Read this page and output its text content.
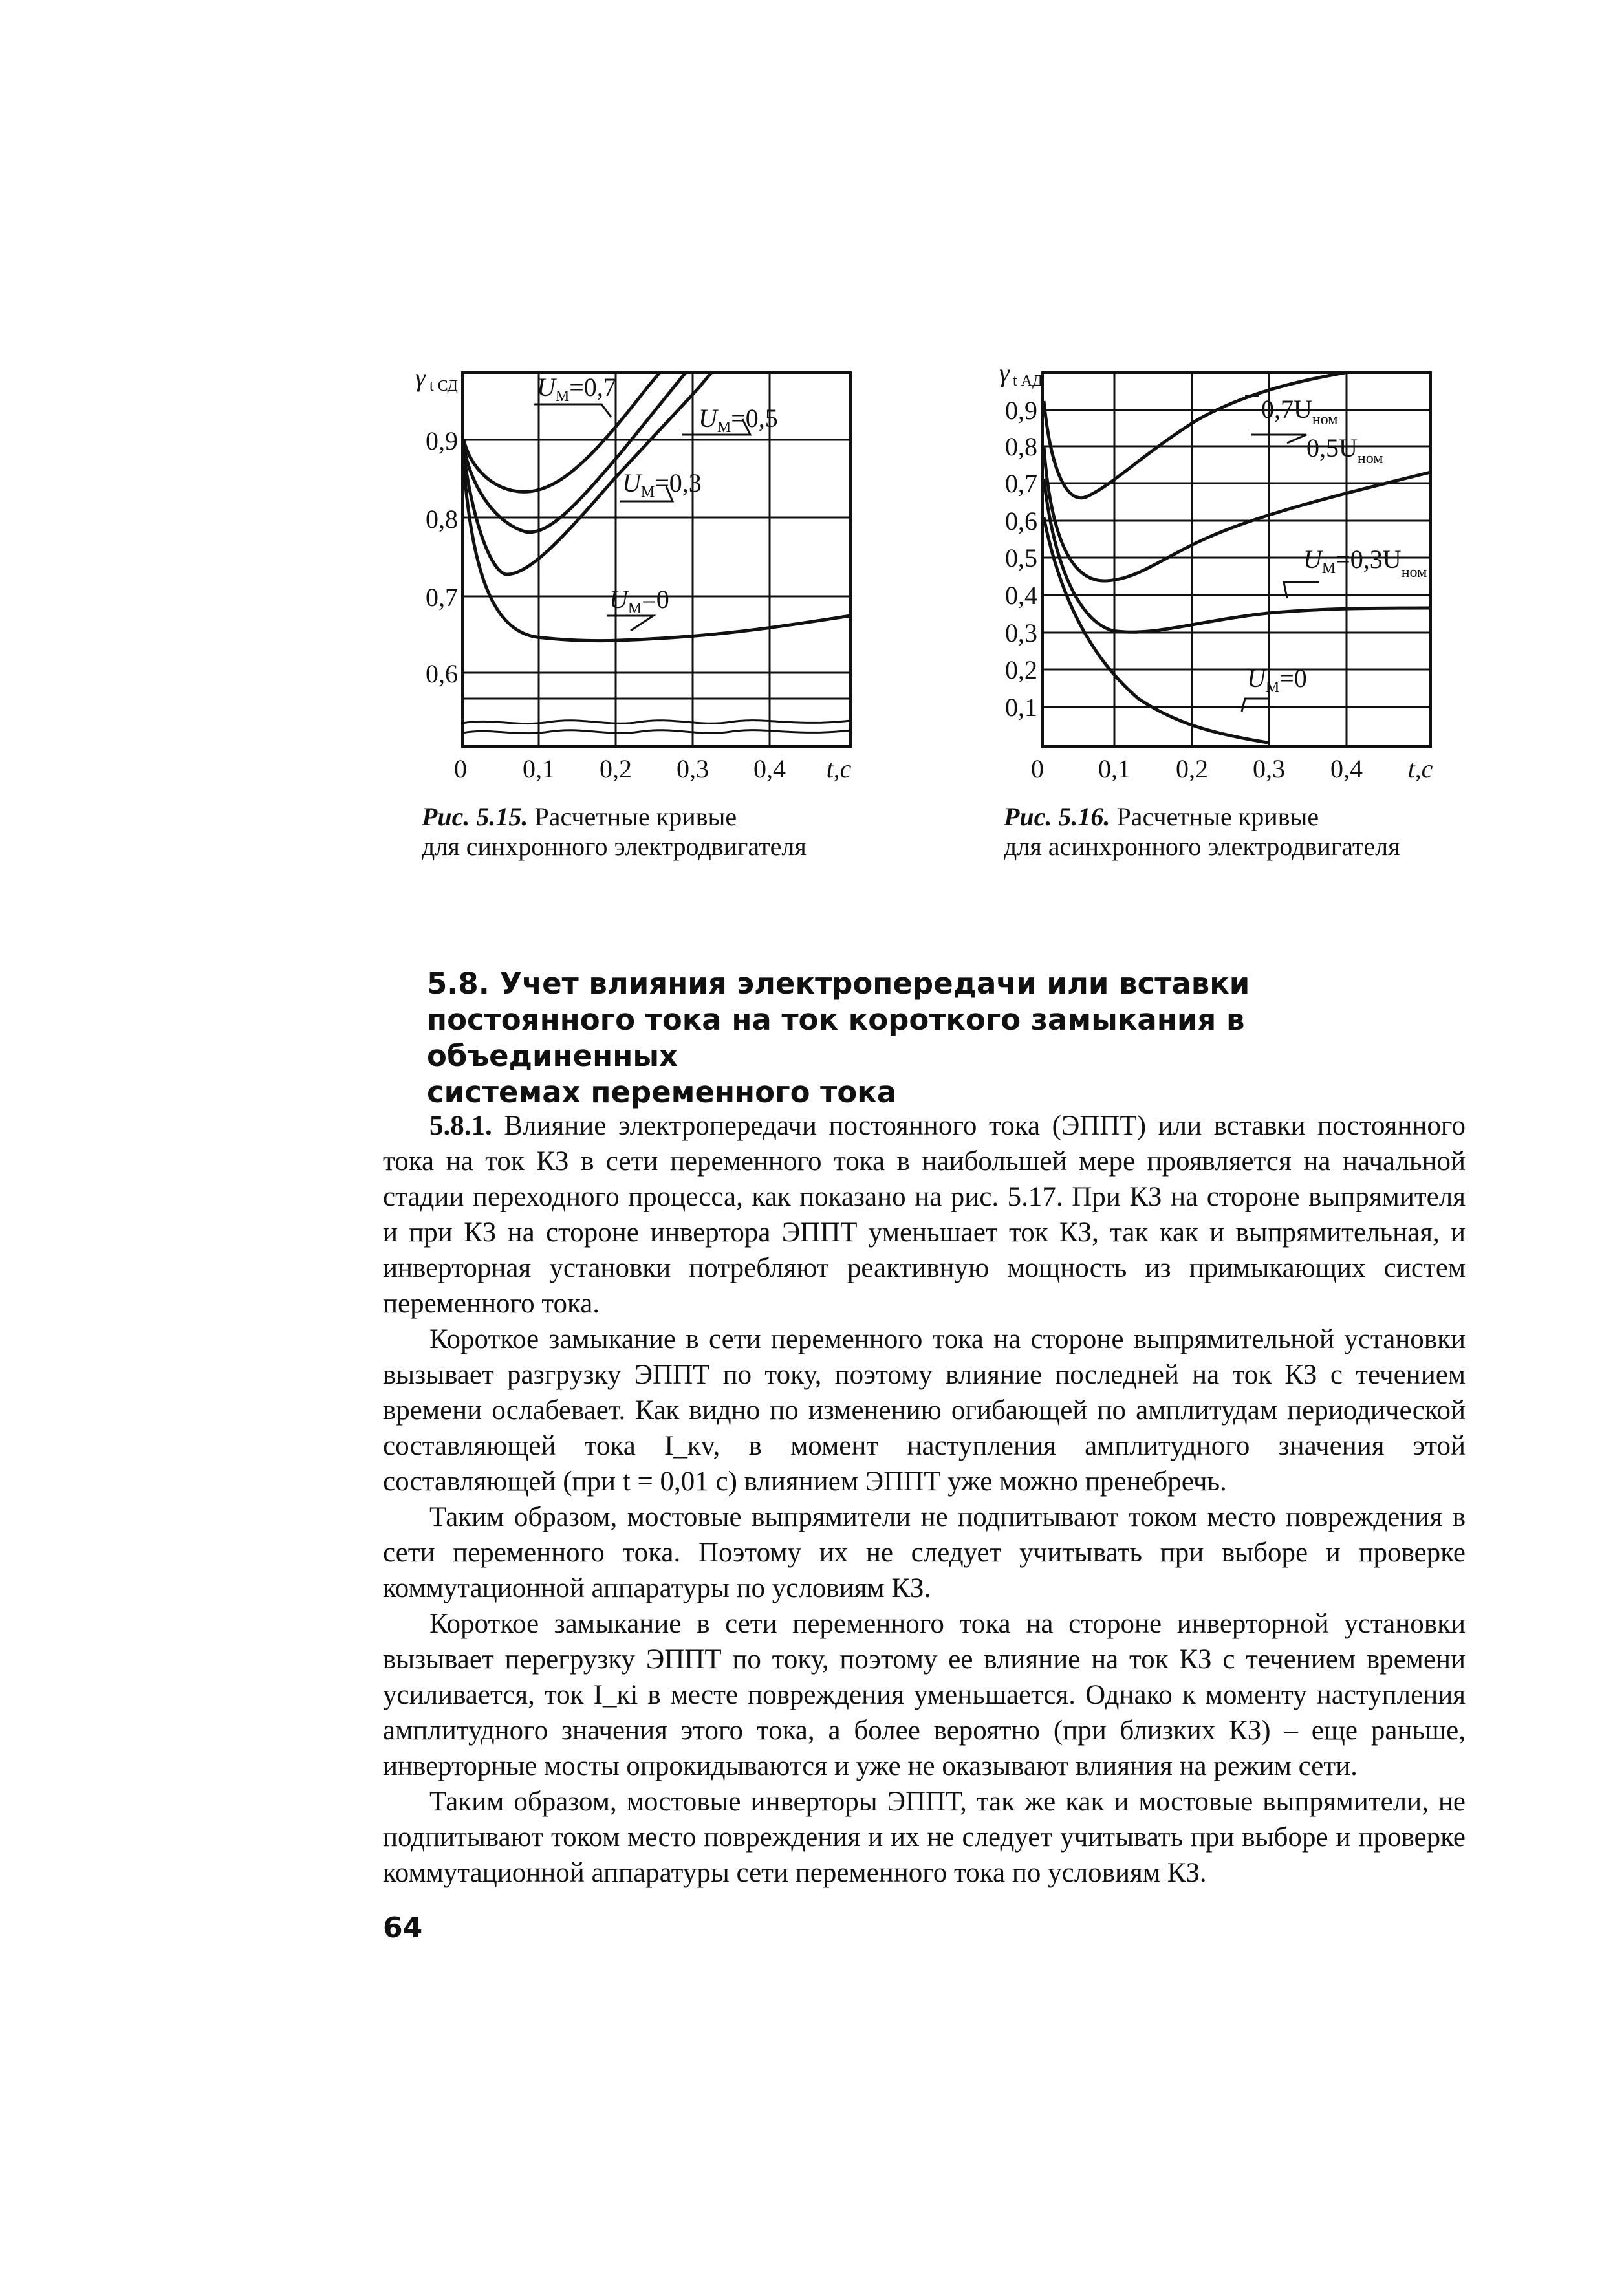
γ t СД
0,9
0,8
0,7
0,6
0 0,1 0,2 0,3 0,4 t,c
$U_М=0,7$
$U_М=0,5$
$U_М=0,3$
$U_М=0$
Рис. 5.15. Расчетные кривые
для синхронного электродвигателя
γ t АД
0,9
0,8
0,7
0,6
0,5
0,4
0,3
0,2
0,1
0 0,1 0,2 0,3 0,4 t,c
$0,7U_{ном}$
$0,5U_{ном}$
$U_М=0,3U_{ном}$
$U_М=0$
Рис. 5.16. Расчетные кривые
для асинхронного электродвигателя
5.8. Учет влияния электропередачи или вставки
постоянного тока на ток короткого замыкания в объединенных
системах переменного тока

5.8.1. Влияние электропередачи постоянного тока (ЭППТ) или вставки постоянного тока на ток КЗ в сети переменного тока в наибольшей мере проявляется на начальной стадии переходного процесса, как показано на рис. 5.17. При КЗ на стороне выпрямителя и при КЗ на стороне инвертора ЭППТ уменьшает ток КЗ, так как и выпрямительная, и инверторная установки потребляют реактивную мощность из примыкающих систем переменного тока.

Короткое замыкание в сети переменного тока на стороне выпрямительной установки вызывает разгрузку ЭППТ по току, поэтому влияние последней на ток КЗ с течением времени ослабевает. Как видно по изменению огибающей по амплитудам периодической составляющей тока I_кv, в момент наступления амплитудного значения этой составляющей (при t = 0,01 с) влиянием ЭППТ уже можно пренебречь.

Таким образом, мостовые выпрямители не подпитывают током место повреждения в сети переменного тока. Поэтому их не следует учитывать при выборе и проверке коммутационной аппаратуры по условиям КЗ.

Короткое замыкание в сети переменного тока на стороне инверторной установки вызывает перегрузку ЭППТ по току, поэтому ее влияние на ток КЗ с течением времени усиливается, ток I_кi в месте повреждения уменьшается. Однако к моменту наступления амплитудного значения этого тока, а более вероятно (при близких КЗ) – еще раньше, инверторные мосты опрокидываются и уже не оказывают влияния на режим сети.

Таким образом, мостовые инверторы ЭППТ, так же как и мостовые выпрямители, не подпитывают током место повреждения и их не следует учитывать при выборе и проверке коммутационной аппаратуры сети переменного тока по условиям КЗ.

64
